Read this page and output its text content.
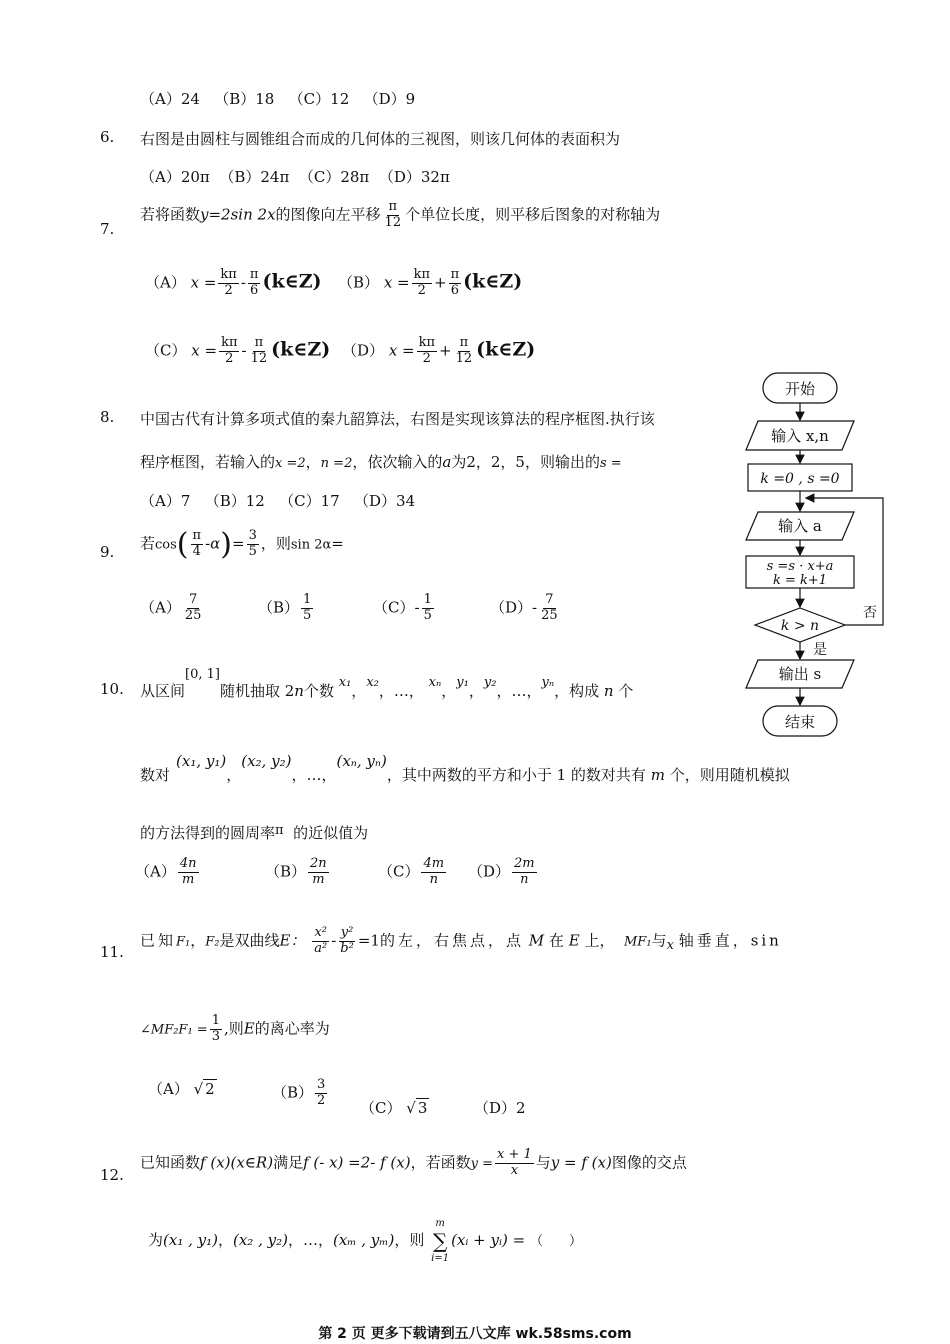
（A）24 （B）18 （C）12 （D）9
6. 右图是由圆柱与圆锥组合而成的几何体的三视图，则该几何体的表面积为
（A）20π （B）24π （C）28π （D）32π
7.
若将函数y=2sin 2x的图像向左平移 $\frac{\pi}{12}$ 个单位长度，则平移后图象的对称轴为
（A） $x = \frac{k\pi}{2} - \frac{\pi}{6}$ (k∈Z) （B） $x = \frac{k\pi}{2} + \frac{\pi}{6}$ (k∈Z)
（C） $x = \frac{k\pi}{2} - \frac{\pi}{12}$ (k∈Z) （D） $x = \frac{k\pi}{2} + \frac{\pi}{12}$ (k∈Z)
8. 中国古代有计算多项式值的秦九韶算法，右图是实现该算法的程序框图.执行该
程序框图，若输入的x =2，n =2，依次输入的a为2，2，5，则输出的s =
（A）7 （B）12 （C）17 （D）34
9. 若$\cos( \frac{\pi}{4} -\alpha)= \frac{3}{5}$ ，则sin 2α=
$(A) \frac{7}{25}$	$(B) \frac{1}{5}$	$(C)- \frac{1}{5}$	$(D)- \frac{7}{25}$
10. 从区间[0, 1]随机抽取 2n个数 x₁，x₂，…， xₙ，y₁，y₂，…，yₙ，构成 n 个
数对(x₁, y₁)，(x₂, y₂)，…，(xₙ, yₙ)，其中两数的平方和小于 1 的数对共有 m 个，则用随机模拟
的方法得到的圆周率π 的近似值为
$(A) \frac{4n}{m}$	$(B) \frac{2n}{m}$	$(C) \frac{4m}{n} (D) \frac{2m}{n}$
11.
已知F₁，F₂是双曲线E： $\frac{\text{x²}}{\text{a²}} - \frac{\text{y²}}{\text{b²}} =1$的左，右焦点，点 M 在 E 上， MF₁与x 轴垂直，sin
∠MF₂F₁ = $\frac{1}{3}$ ,则E的离心率为
（A） √ 2	$(B) \frac{3}{2} (C)$ √ 3	（D）2
12.
已知函数f (x)(x∈R)满足f (- x) =2- f (x)，若函数$y = \frac{x + 1}{x}$ 与y = f (x)图像的交点
为(x₁ , y₁)，(x₂ , y₂)，…，(xₘ , yₘ)，则
m
∑
i=1
(xᵢ + yᵢ) = （　　）
开始
输入 x,n
k =0 , s =0
输入 a
s =s · x+a
k = k+1
k > n
否
是
输出 s
结束
第 2 页 更多下载请到五八文库 wk.58sms.com
